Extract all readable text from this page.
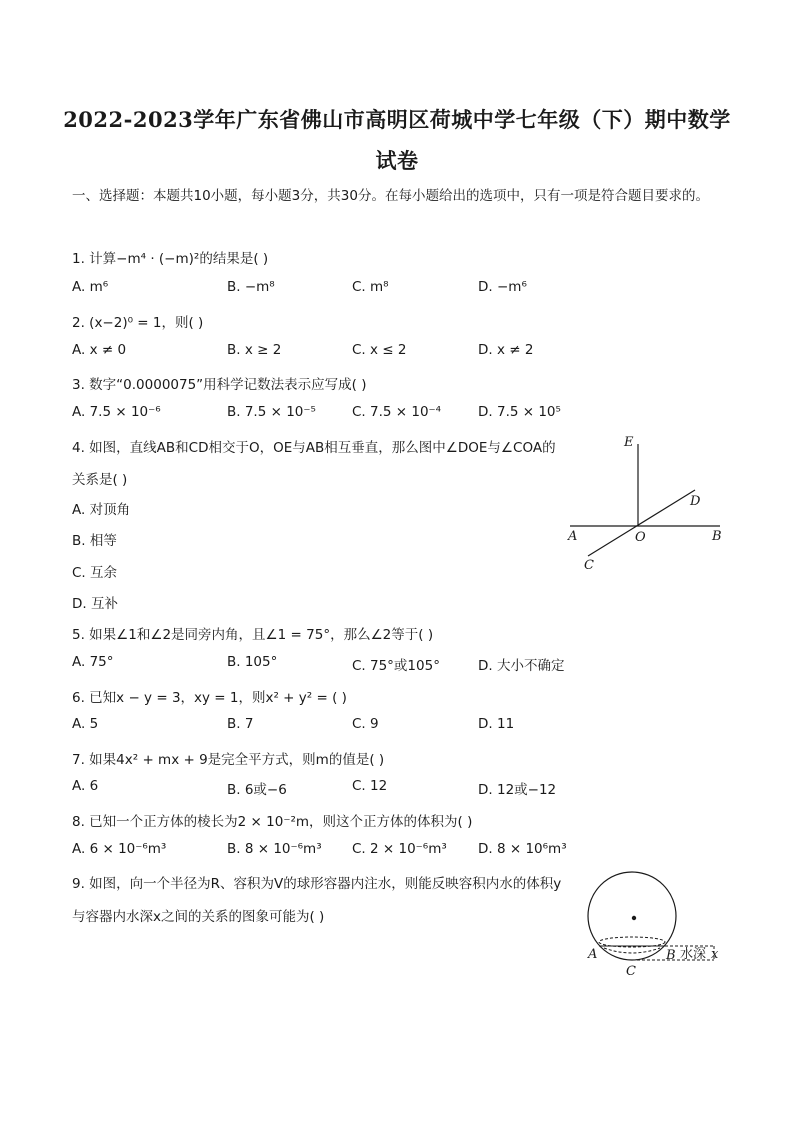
2022-2023学年广东省佛山市高明区荷城中学七年级（下）期中数学
试卷
一、选择题：本题共10小题，每小题3分，共30分。在每小题给出的选项中，只有一项是符合题目要求的。
1. 计算−m⁴ · (−m)²的结果是( )
A. m⁶	B. −m⁸	C. m⁸	D. −m⁶
2. (x−2)⁰ = 1，则( )
A. x ≠ 0	B. x ≥ 2	C. x ≤ 2	D. x ≠ 2
3. 数字“0.0000075”用科学记数法表示应写成( )
A. 7.5 × 10⁻⁶	B. 7.5 × 10⁻⁵	C. 7.5 × 10⁻⁴	D. 7.5 × 10⁵
4. 如图，直线AB和CD相交于O，OE与AB相互垂直，那么图中∠DOE与∠COA的
关系是( )
A. 对顶角
B. 相等
C. 互余
D. 互补
E
D
A	O	B
C
5. 如果∠1和∠2是同旁内角，且∠1 = 75°，那么∠2等于( )
A. 75°	B. 105°	C. 75°或105°	D. 大小不确定
6. 已知x − y = 3，xy = 1，则x² + y² = ( )
A. 5	B. 7	C. 9	D. 11
7. 如果4x² + mx + 9是完全平方式，则m的值是( )
A. 6	B. 6或−6	C. 12	D. 12或−12
8. 已知一个正方体的棱长为2 × 10⁻²m，则这个正方体的体积为( )
A. 6 × 10⁻⁶m³	B. 8 × 10⁻⁶m³ C. 2 × 10⁻⁶m³ D. 8 × 10⁶m³
9. 如图，向一个半径为R、容积为V的球形容器内注水，则能反映容积内水的体积y
与容器内水深x之间的关系的图象可能为( )
A	B
C
水深 x
